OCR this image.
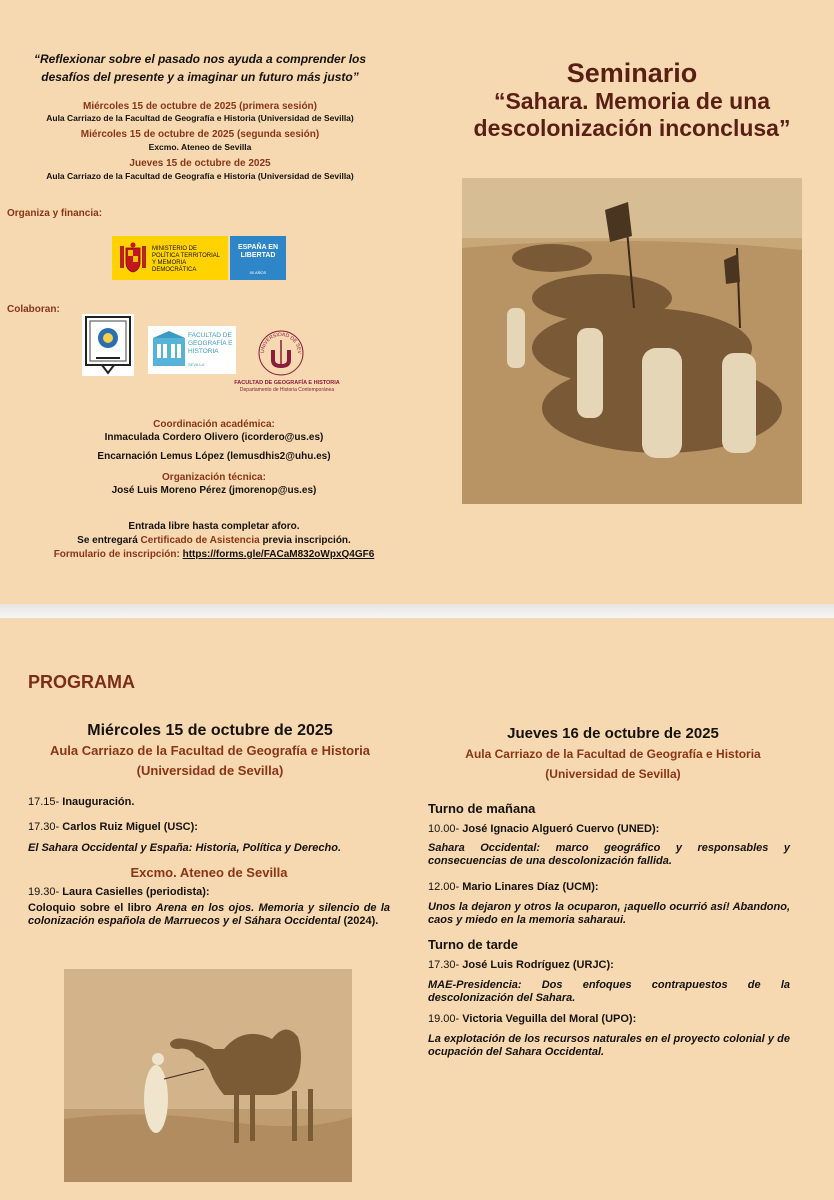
“Reflexionar sobre el pasado nos ayuda a comprender los desafíos del presente y a imaginar un futuro más justo”
Miércoles 15 de octubre de 2025 (primera sesión)
Aula Carriazo de la Facultad de Geografía e Historia (Universidad de Sevilla)
Miércoles 15 de octubre de 2025 (segunda sesión)
Excmo. Ateneo de Sevilla
Jueves 15 de octubre de 2025
Aula Carriazo de la Facultad de Geografía e Historia (Universidad de Sevilla)
Organiza y financia:
MINISTERIO DE POLÍTICA TERRITORIAL Y MEMORIA DEMOCRÁTICA
ESPAÑA EN LIBERTAD
50 AÑOS
Colaboran:
FACULTAD DE GEOGRAFÍA E HISTORIA
SEVILLA
UNIVERSIDAD DE SEV
FACULTAD DE GEOGRAFÍA E HISTORIA
Departamento de Historia Contemporánea
Coordinación académica:
Inmaculada Cordero Olivero (icordero@us.es)
Encarnación Lemus López (lemusdhis2@uhu.es)
Organización técnica:
José Luis Moreno Pérez (jmorenop@us.es)
Entrada libre hasta completar aforo.
Se entregará Certificado de Asistencia previa inscripción.
Formulario de inscripción: https://forms.gle/FACaM832oWpxQ4GF6
Seminario
“Sahara. Memoria de una
descolonización inconclusa”
PROGRAMA
Miércoles 15 de octubre de 2025
Aula Carriazo de la Facultad de Geografía e Historia
(Universidad de Sevilla)
17.15- Inauguración.
17.30- Carlos Ruiz Miguel (USC):
El Sahara Occidental y España: Historia, Política y Derecho.
Excmo. Ateneo de Sevilla
19.30- Laura Casielles (periodista):
Coloquio sobre el libro Arena en los ojos. Memoria y silencio de la colonización española de Marruecos y el Sáhara Occidental (2024).
Jueves 16 de octubre de 2025
Aula Carriazo de la Facultad de Geografía e Historia
(Universidad de Sevilla)
Turno de mañana
10.00- José Ignacio Algueró Cuervo (UNED):
Sahara Occidental: marco geográfico y responsables y consecuencias de una descolonización fallida.
12.00- Mario Linares Díaz (UCM):
Unos la dejaron y otros la ocuparon, ¡aquello ocurrió así! Abandono, caos y miedo en la memoria saharaui.
Turno de tarde
17.30- José Luis Rodríguez (URJC):
MAE-Presidencia: Dos enfoques contrapuestos de la descolonización del Sahara.
19.00- Victoria Veguilla del Moral (UPO):
La explotación de los recursos naturales en el proyecto colonial y de ocupación del Sahara Occidental.
